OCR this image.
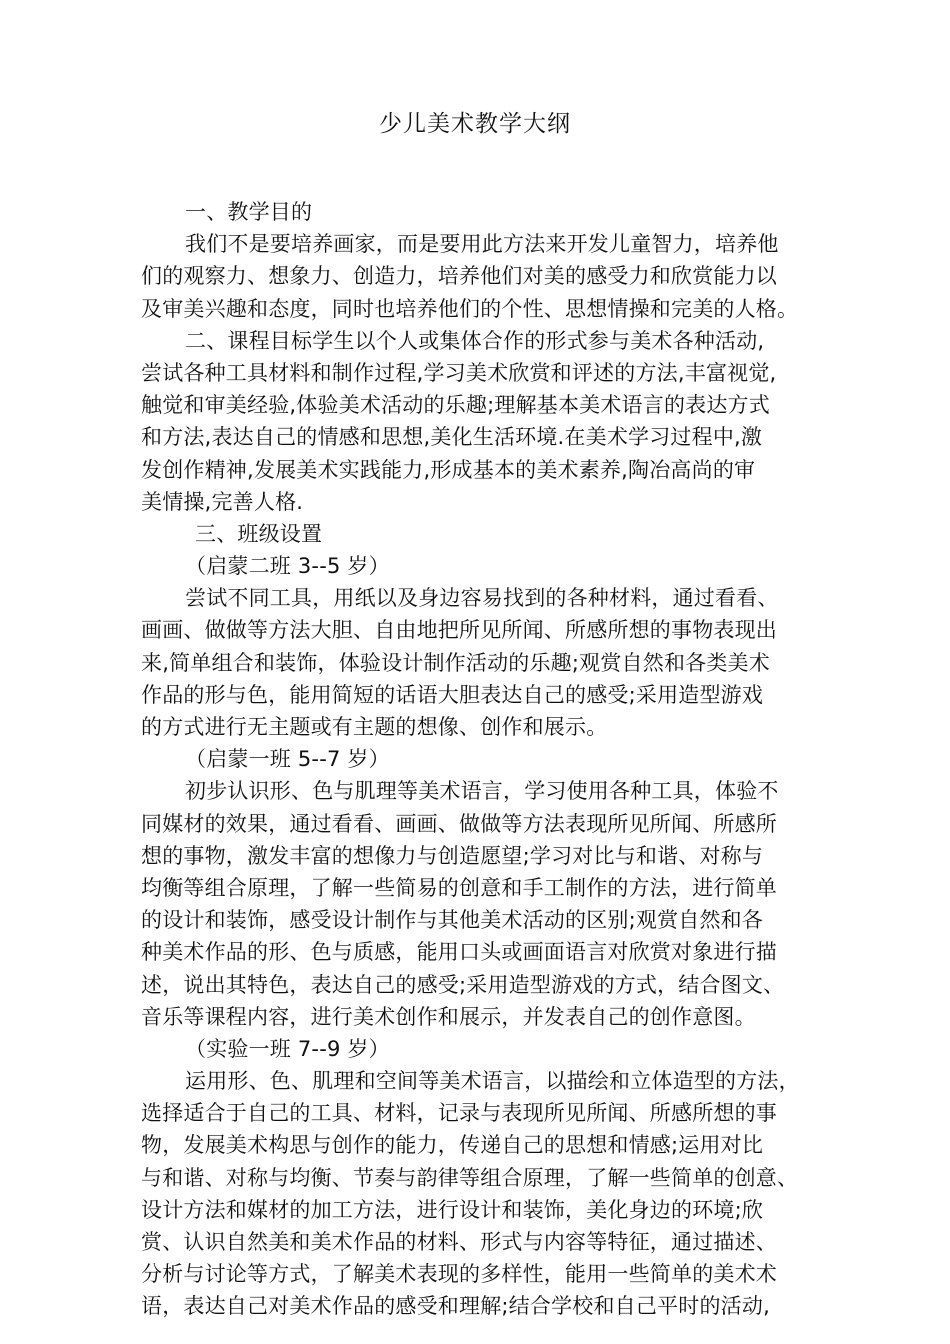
少儿美术教学大纲
一、教学目的
我们不是要培养画家，而是要用此方法来开发儿童智力，培养他
们的观察力、想象力、创造力，培养他们对美的感受力和欣赏能力以
及审美兴趣和态度，同时也培养他们的个性、思想情操和完美的人格。
二、课程目标学生以个人或集体合作的形式参与美术各种活动,
尝试各种工具材料和制作过程,学习美术欣赏和评述的方法,丰富视觉,
触觉和审美经验,体验美术活动的乐趣;理解基本美术语言的表达方式
和方法,表达自己的情感和思想,美化生活环境.在美术学习过程中,激
发创作精神,发展美术实践能力,形成基本的美术素养,陶冶高尚的审
美情操,完善人格.
三、班级设置
（启蒙二班 3--5 岁）
尝试不同工具，用纸以及身边容易找到的各种材料，通过看看、
画画、做做等方法大胆、自由地把所见所闻、所感所想的事物表现出
来,简单组合和装饰，体验设计制作活动的乐趣;观赏自然和各类美术
作品的形与色，能用简短的话语大胆表达自己的感受;采用造型游戏
的方式进行无主题或有主题的想像、创作和展示。
（启蒙一班 5--7 岁）
初步认识形、色与肌理等美术语言，学习使用各种工具，体验不
同媒材的效果，通过看看、画画、做做等方法表现所见所闻、所感所
想的事物，激发丰富的想像力与创造愿望;学习对比与和谐、对称与
均衡等组合原理，了解一些简易的创意和手工制作的方法，进行简单
的设计和装饰，感受设计制作与其他美术活动的区别;观赏自然和各
种美术作品的形、色与质感，能用口头或画面语言对欣赏对象进行描
述，说出其特色，表达自己的感受;采用造型游戏的方式，结合图文、
音乐等课程内容，进行美术创作和展示，并发表自己的创作意图。
（实验一班 7--9 岁）
运用形、色、肌理和空间等美术语言，以描绘和立体造型的方法，
选择适合于自己的工具、材料，记录与表现所见所闻、所感所想的事
物，发展美术构思与创作的能力，传递自己的思想和情感;运用对比
与和谐、对称与均衡、节奏与韵律等组合原理，了解一些简单的创意、
设计方法和媒材的加工方法，进行设计和装饰，美化身边的环境;欣
赏、认识自然美和美术作品的材料、形式与内容等特征，通过描述、
分析与讨论等方式，了解美术表现的多样性，能用一些简单的美术术
语，表达自己对美术作品的感受和理解;结合学校和自己平时的活动,
